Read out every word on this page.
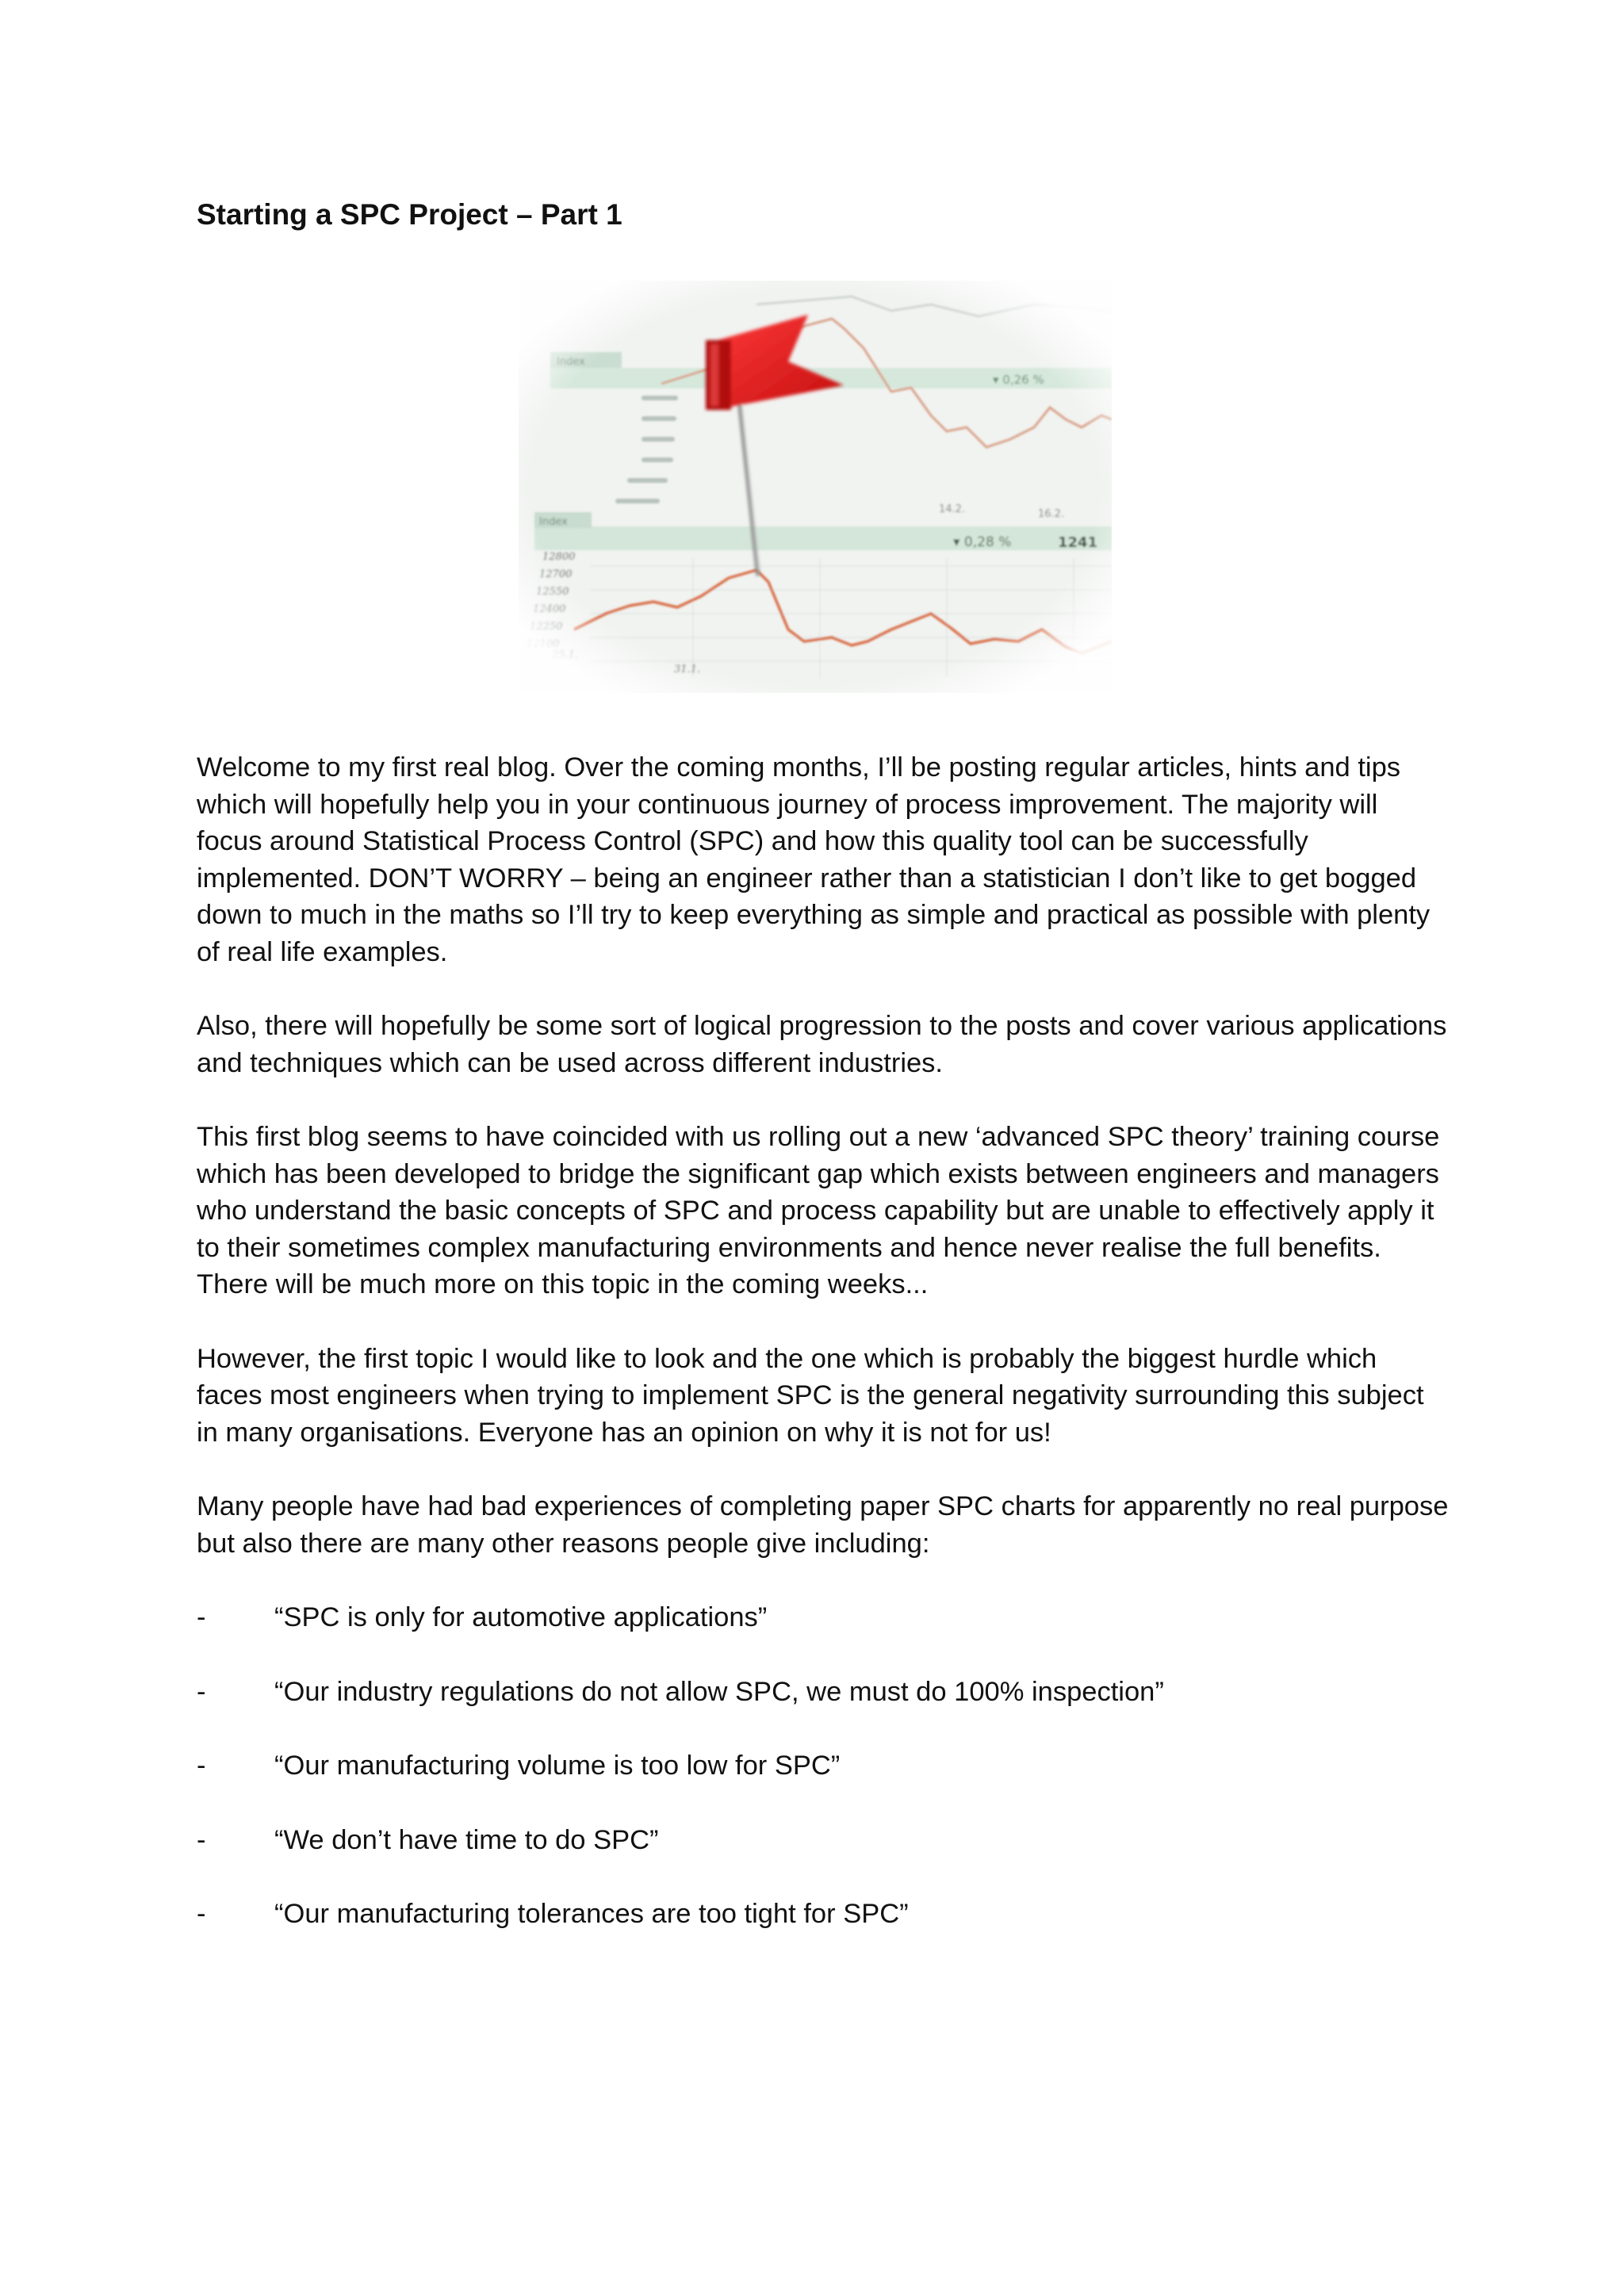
Starting a SPC Project – Part 1

Welcome to my first real blog. Over the coming months, I’ll be posting regular articles, hints and tips which will hopefully help you in your continuous journey of process improvement. The majority will focus around Statistical Process Control (SPC) and how this quality tool can be successfully implemented. DON’T WORRY – being an engineer rather than a statistician I don’t like to get bogged down to much in the maths so I’ll try to keep everything as simple and practical as possible with plenty of real life examples.

Also, there will hopefully be some sort of logical progression to the posts and cover various applications and techniques which can be used across different industries.

This first blog seems to have coincided with us rolling out a new ‘advanced SPC theory’ training course which has been developed to bridge the significant gap which exists between engineers and managers who understand the basic concepts of SPC and process capability but are unable to effectively apply it to their sometimes complex manufacturing environments and hence never realise the full benefits. There will be much more on this topic in the coming weeks...

However, the first topic I would like to look and the one which is probably the biggest hurdle which faces most engineers when trying to implement SPC is the general negativity surrounding this subject in many organisations. Everyone has an opinion on why it is not for us!

Many people have had bad experiences of completing paper SPC charts for apparently no real purpose but also there are many other reasons people give including:

-	“SPC is only for automotive applications”
-	“Our industry regulations do not allow SPC, we must do 100% inspection”
-	“Our manufacturing volume is too low for SPC”
-	“We don’t have time to do SPC”
-	“Our manufacturing tolerances are too tight for SPC”
